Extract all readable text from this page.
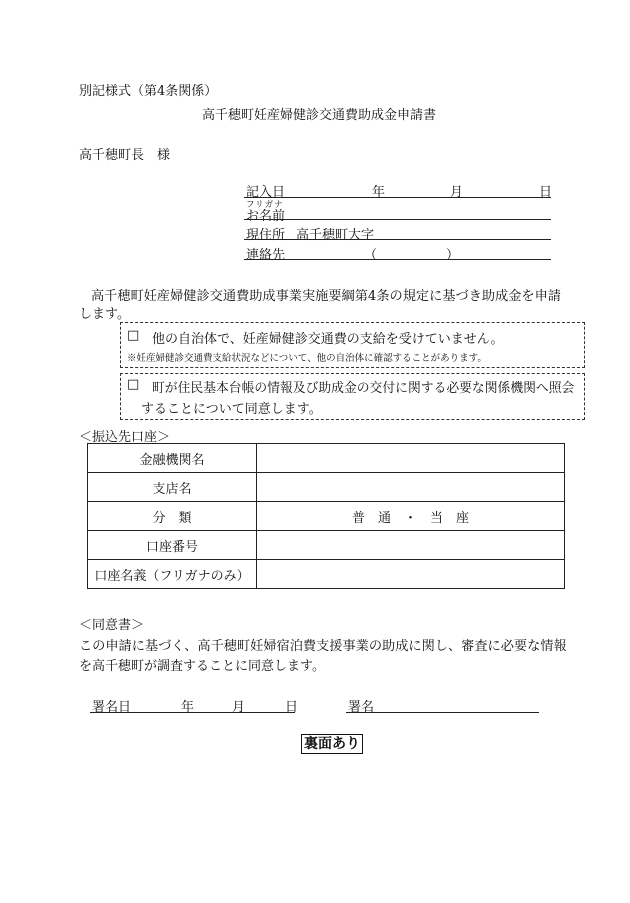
別記様式（第4条関係）
高千穂町妊産婦健診交通費助成金申請書
高千穂町長　様
記入日	年	月	日
フリガナ
お名前
現住所 高千穂町大字
連絡先	（	）
高千穂町妊産婦健診交通費助成事業実施要綱第4条の規定に基づき助成金を申請
します。
□ 他の自治体で、妊産婦健診交通費の支給を受けていません。
※妊産婦健診交通費支給状況などについて、他の自治体に確認することがあります。
□ 町が住民基本台帳の情報及び助成金の交付に関する必要な関係機関へ照会
することについて同意します。
＜振込先口座＞
金融機関名	
支店名	
分　類	普　通　・　当　座
口座番号	
口座名義（フリガナのみ）	
＜同意書＞
この申請に基づく、高千穂町妊婦宿泊費支援事業の助成に関し、審査に必要な情報
を高千穂町が調査することに同意します。
署名日	年	月	日	署名
裏面あり
